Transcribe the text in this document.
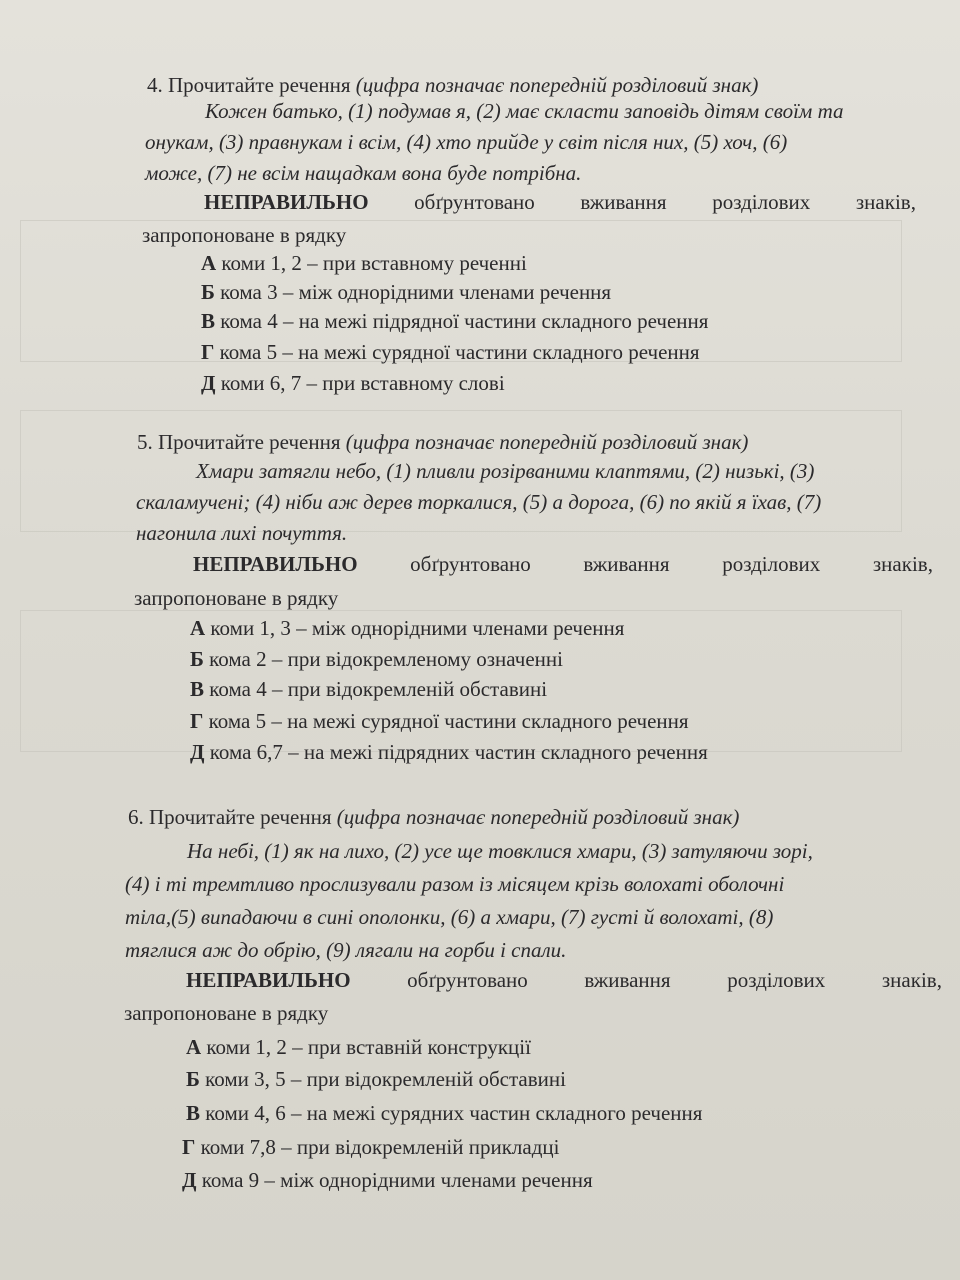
4. Прочитайте речення (цифра позначає попередній розділовий знак)
Кожен батько, (1) подумав я, (2) має скласти заповідь дітям своїм та
онукам, (3) правнукам і всім, (4) хто прийде у світ після них, (5) хоч, (6)
може, (7) не всім нащадкам вона буде потрібна.
НЕПРАВИЛЬНО обґрунтовано вживання розділових знаків,
запропоноване в рядку
А коми 1, 2 – при вставному реченні
Б кома 3 – між однорідними членами речення
В кома 4 – на межі підрядної частини складного речення
Г кома 5 – на межі сурядної частини складного речення
Д коми 6, 7 – при вставному слові
5. Прочитайте речення (цифра позначає попередній розділовий знак)
Хмари затягли небо, (1) пливли розірваними клаптями, (2) низькі, (3)
скаламучені; (4) ніби аж дерев торкалися, (5) а дорога, (6) по якій я їхав, (7)
нагонила лихі почуття.
НЕПРАВИЛЬНО	обґрунтовано	вживання	розділових	знаків,
запропоноване в рядку
А коми 1, 3 – між однорідними членами речення
Б кома 2 – при відокремленому означенні
В кома 4 – при відокремленій обставині
Г кома 5 – на межі сурядної частини складного речення
Д кома 6,7 – на межі підрядних частин складного речення
6. Прочитайте речення (цифра позначає попередній розділовий знак)
На небі, (1) як на лихо, (2) усе ще товклися хмари, (3) затуляючи зорі,
(4) і ті тремтливо прослизували разом із місяцем крізь волохаті оболочні
тіла,(5) випадаючи в сині ополонки, (6) а хмари, (7) густі й волохаті, (8)
тяглися аж до обрію, (9) лягали на горби і спали.
НЕПРАВИЛЬНО	обґрунтовано	вживання	розділових	знаків,
запропоноване в рядку
А коми 1, 2 – при вставній конструкції
Б коми 3, 5 – при відокремленій обставині
В коми 4, 6 – на межі сурядних частин складного речення
Г коми 7,8 – при відокремленій прикладці
Д кома 9 – між однорідними членами речення
